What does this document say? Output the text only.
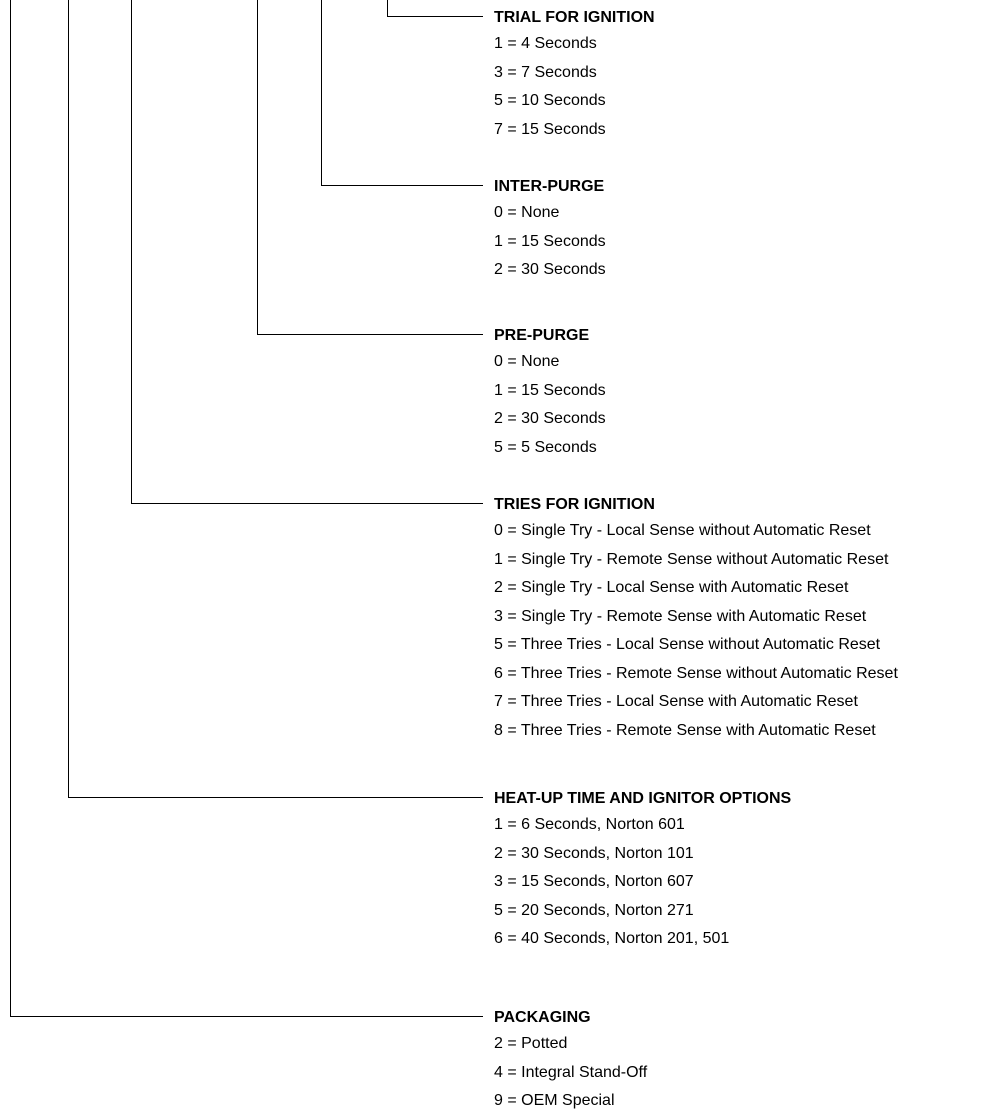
TRIAL FOR IGNITION
1 = 4 Seconds
3 = 7 Seconds
5 = 10 Seconds
7 = 15 Seconds
INTER-PURGE
0 = None
1 = 15 Seconds
2 = 30 Seconds
PRE-PURGE
0 = None
1 = 15 Seconds
2 = 30 Seconds
5 = 5 Seconds
TRIES FOR IGNITION
0 = Single Try - Local Sense without Automatic Reset
1 = Single Try - Remote Sense without Automatic Reset
2 = Single Try - Local Sense with Automatic Reset
3 = Single Try - Remote Sense with Automatic Reset
5 = Three Tries - Local Sense without Automatic Reset
6 = Three Tries - Remote Sense without Automatic Reset
7 = Three Tries - Local Sense with Automatic Reset
8 = Three Tries - Remote Sense with Automatic Reset
HEAT-UP TIME AND IGNITOR OPTIONS
1 = 6 Seconds, Norton 601
2 = 30 Seconds, Norton 101
3 = 15 Seconds, Norton 607
5 = 20 Seconds, Norton 271
6 = 40 Seconds, Norton 201, 501
PACKAGING
2 = Potted
4 = Integral Stand-Off
9 = OEM Special
